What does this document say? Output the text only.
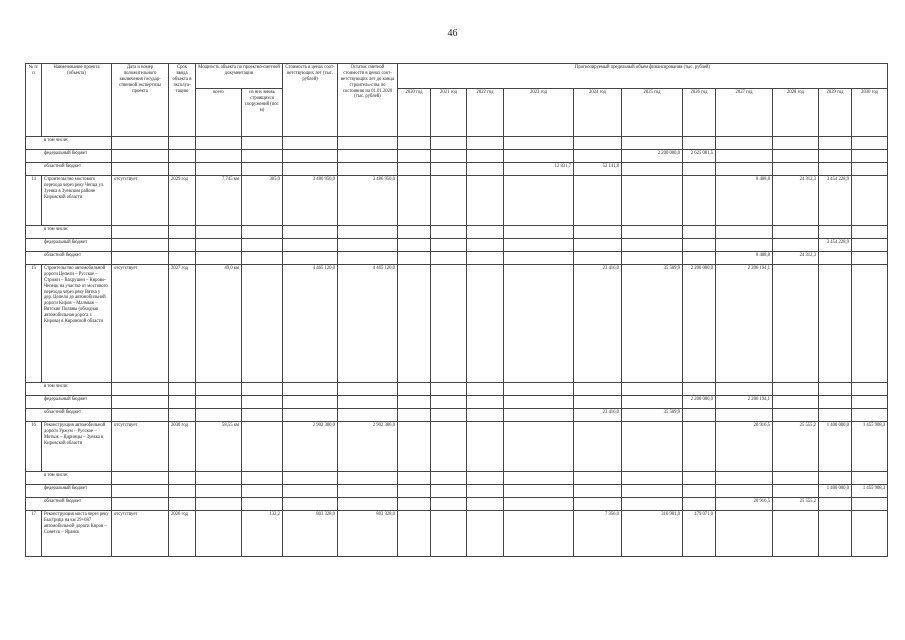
46
№ п/п	Наименование проекта (объекта)	Дата и номер положительного заключения государ-ственной экспертизы проекта	Срок ввода объекта в эксплуа-тацию	Мощность объекта по проектно-сметной документации		Стоимость в ценах соот-ветствующих лет (тыс. рублей)	Остаток сметной стоимости в ценах соот-ветствующих лет до конца строитель-ства по состоянию на 01.01.2020 (тыс. рублей)	Прогнозируемый предельный объем финансирования (тыс. рублей)										
				всего	из них вновь строящихся сооружений (пог. м)			2020 год	2021 год	2022 год	2023 год	2024 год	2025 год	2026 год	2027 год	2028 год	2029 год	2030 год
в том числе:																		
федеральный бюджет													2 200 000,0	2 625 081,5				
областной бюджет											12 831,7	52 141,8						
14	Строительство мостового перехода через реку Чепца ул. Зуевка в Зуевском районе Кировской области	отсутствует	2029 год	7,745 км	305,0	3 486 950,0	3 486 950,0								8 408,8	24 312,3	3 454 228,9	
в том числе:																		
федеральный бюджет																	3 454 228,9	
областной бюджет															8 408,8	24 312,3		
15	Строительство автомобильной дороги Цепели – Русское – Стрижи – Вахрушеи – Кирово-Чепецк на участке от мостового перехода через реку Вятка у дер. Цепели до автомобильной дороги Киров – Малмыж – Вятские Поляны (обходная автомобильная дорога г. Кирова) в Кировской области	отсутствует	2027 год	49,0 км		4 465 120,0	4 465 120,0					23 416,0	35 509,9	2 200 000,0	2 206 194,1			
в том числе:																		
федеральный бюджет														2 200 000,0	2 206 194,1			
областной бюджет												23 416,0	35 509,9					
16	Реконструкция автомобильной дороги Уржум – Русское – Мотыж – Ядринцы – Зуевка в Кировской области	отсутствует	2030 год	58,55 км		2 902 380,0	2 902 380,0								20 916,5	25 555,2	1 400 000,0	1 455 908,3
в том числе:																		
федеральный бюджет																	1 400 000,0	1 455 908,3
областной бюджет															20 916,5	25 555,2		
17	Реконструкция моста через реку Быстрица на км 29+687 автомобильной дороги Киров – Советск – Яранск	отсутствует	2026 год		132,2	803 328,0	803 328,0					7 356,0	316 901,0	479 071,0				
